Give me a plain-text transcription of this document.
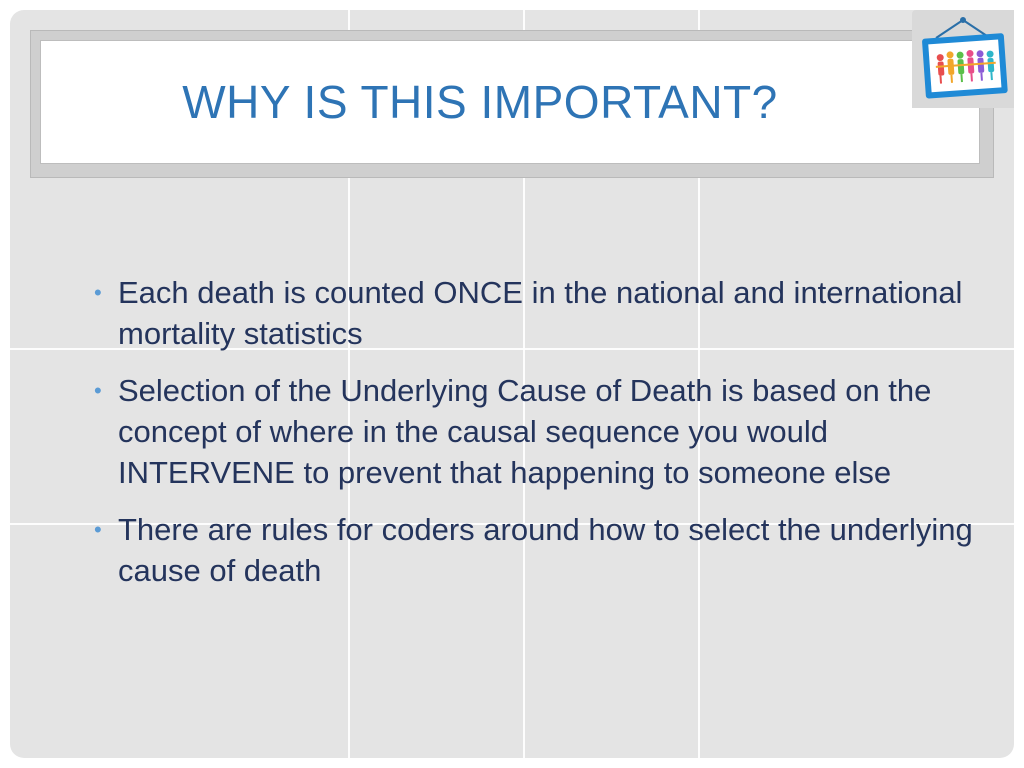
WHY IS THIS IMPORTANT?
• Each death is counted ONCE in the national and international mortality statistics
• Selection of the Underlying Cause of Death is based on the concept of where in the causal sequence you would INTERVENE to prevent that happening to someone else
• There are rules for coders around how to select the underlying cause of death
